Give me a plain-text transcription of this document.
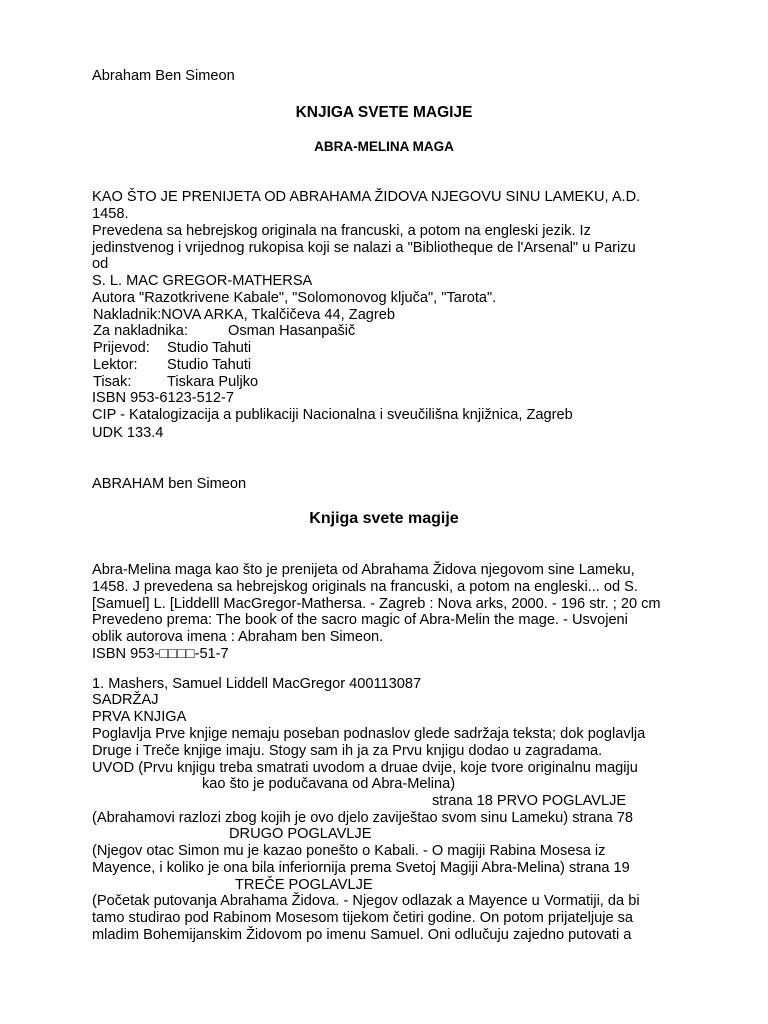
Abraham Ben Simeon

KNJIGA SVETE MAGIJE

ABRA-MELINA MAGA

KAO ŠTO JE PRENIJETA OD ABRAHAMA ŽIDOVA NJEGOVU SINU LAMEKU, A.D.

1458.

Prevedena sa hebrejskog originala na francuski, a potom na engleski jezik. Iz

jedinstvenog i vrijednog rukopisa koji se nalazi a "Bibliotheque de l'Arsenal" u Parizu

od

S. L. MAC GREGOR-MATHERSA

Autora "Razotkrivene Kabale", "Solomonovog ključa", "Tarota".

Nakladnik:NOVA ARKA, Tkalčičeva 44, Zagreb

Za nakladnika:	Osman Hasanpašič

Prijevod: Studio Tahuti

Lektor: Studio Tahuti

Tisak: Tiskara Puljko

ISBN 953-6123-512-7

CIP - Katalogizacija a publikaciji Nacionalna i sveučilišna knjižnica, Zagreb

UDK 133.4

ABRAHAM ben Simeon

Knjiga svete magije

Abra-Melina maga kao što je prenijeta od Abrahama Židova njegovom sine Lameku,

1458. J prevedena sa hebrejskog originals na francuski, a potom na engleski... od S.

[Samuel] L. [Liddelll MacGregor-Mathersa. - Zagreb : Nova arks, 2000. - 196 str. ; 20 cm

Prevedeno prema: The book of the sacro magic of Abra-Melin the mage. - Usvojeni

oblik autorova imena : Abraham ben Simeon.

ISBN 953-□□□□-51-7

1. Mashers, Samuel Liddell MacGregor 400113087

SADRŽAJ

PRVA KNJIGA

Poglavlja Prve knjige nemaju poseban podnaslov glede sadržaja teksta; dok poglavlja

Druge i Treče knjige imaju. Stogy sam ih ja za Prvu knjigu dodao u zagradama.

UVOD (Prvu knjigu treba smatrati uvodom a druae dvije, koje tvore originalnu magiju

kao što je podučavana od Abra-Melina)

strana 18 PRVO POGLAVLJE

(Abrahamovi razlozi zbog kojih je ovo djelo zaviještao svom sinu Lameku) strana 78

DRUGO POGLAVLJE

(Njegov otac Simon mu je kazao ponešto o Kabali. - O magiji Rabina Mosesa iz

Mayence, i koliko je ona bila inferiornija prema Svetoj Magiji Abra-Melina) strana 19

TREČE POGLAVLJE

(Početak putovanja Abrahama Židova. - Njegov odlazak a Mayence u Vormatiji, da bi

tamo studirao pod Rabinom Mosesom tijekom četiri godine. On potom prijateljuje sa

mladim Bohemijanskim Židovom po imenu Samuel. Oni odlučuju zajedno putovati a
